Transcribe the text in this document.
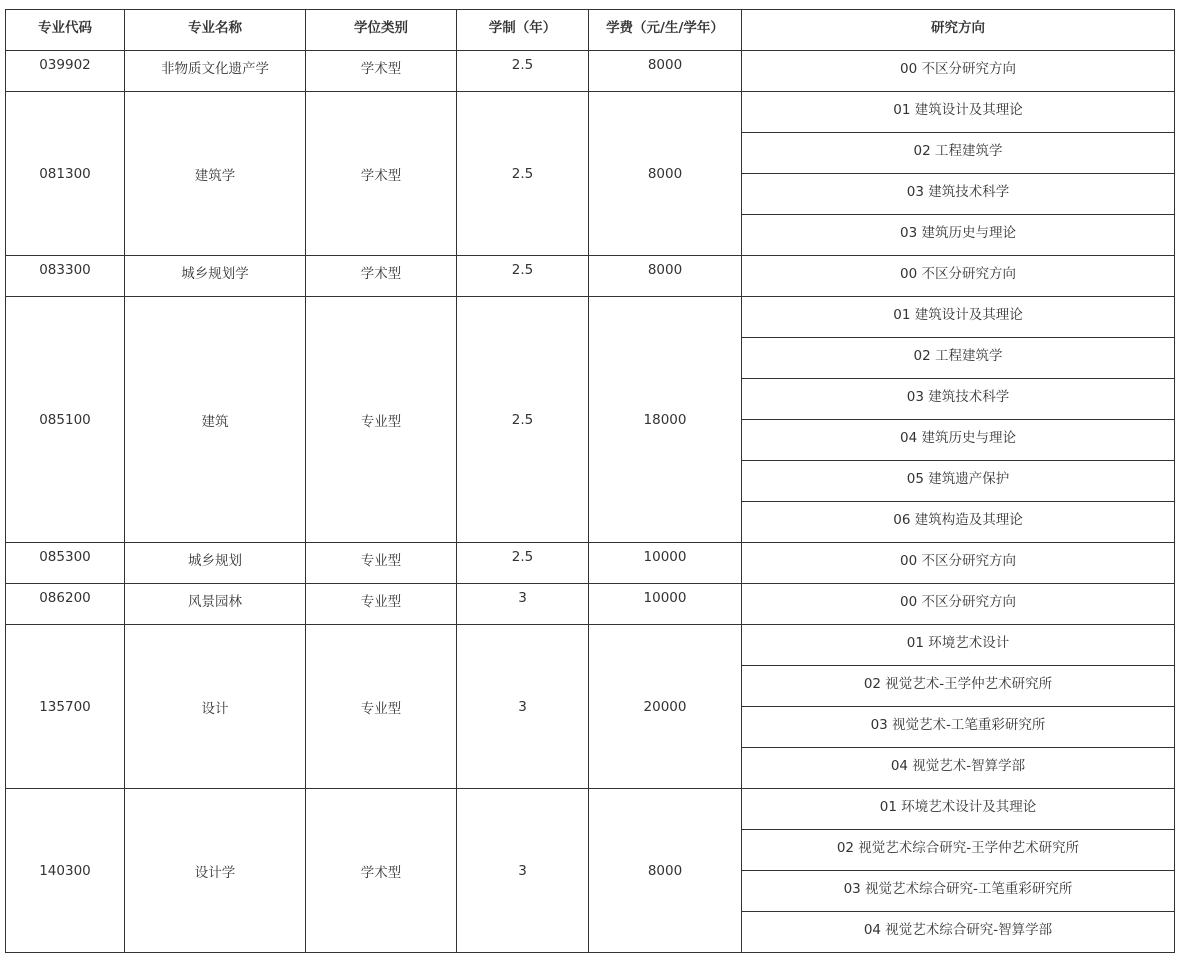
专业代码	专业名称	学位类别	学制（年）	学费（元/生/学年）	研究方向
039902	非物质文化遗产学	学术型	2.5	8000	00 不区分研究方向
081300	建筑学	学术型	2.5	8000	01 建筑设计及其理论
					02 工程建筑学
					03 建筑技术科学
					03 建筑历史与理论
083300	城乡规划学	学术型	2.5	8000	00 不区分研究方向
085100	建筑	专业型	2.5	18000	01 建筑设计及其理论
					02 工程建筑学
					03 建筑技术科学
					04 建筑历史与理论
					05 建筑遗产保护
					06 建筑构造及其理论
085300	城乡规划	专业型	2.5	10000	00 不区分研究方向
086200	风景园林	专业型	3	10000	00 不区分研究方向
135700	设计	专业型	3	20000	01 环境艺术设计
					02 视觉艺术-王学仲艺术研究所
					03 视觉艺术-工笔重彩研究所
					04 视觉艺术-智算学部
140300	设计学	学术型	3	8000	01 环境艺术设计及其理论
					02 视觉艺术综合研究-王学仲艺术研究所
					03 视觉艺术综合研究-工笔重彩研究所
					04 视觉艺术综合研究-智算学部
